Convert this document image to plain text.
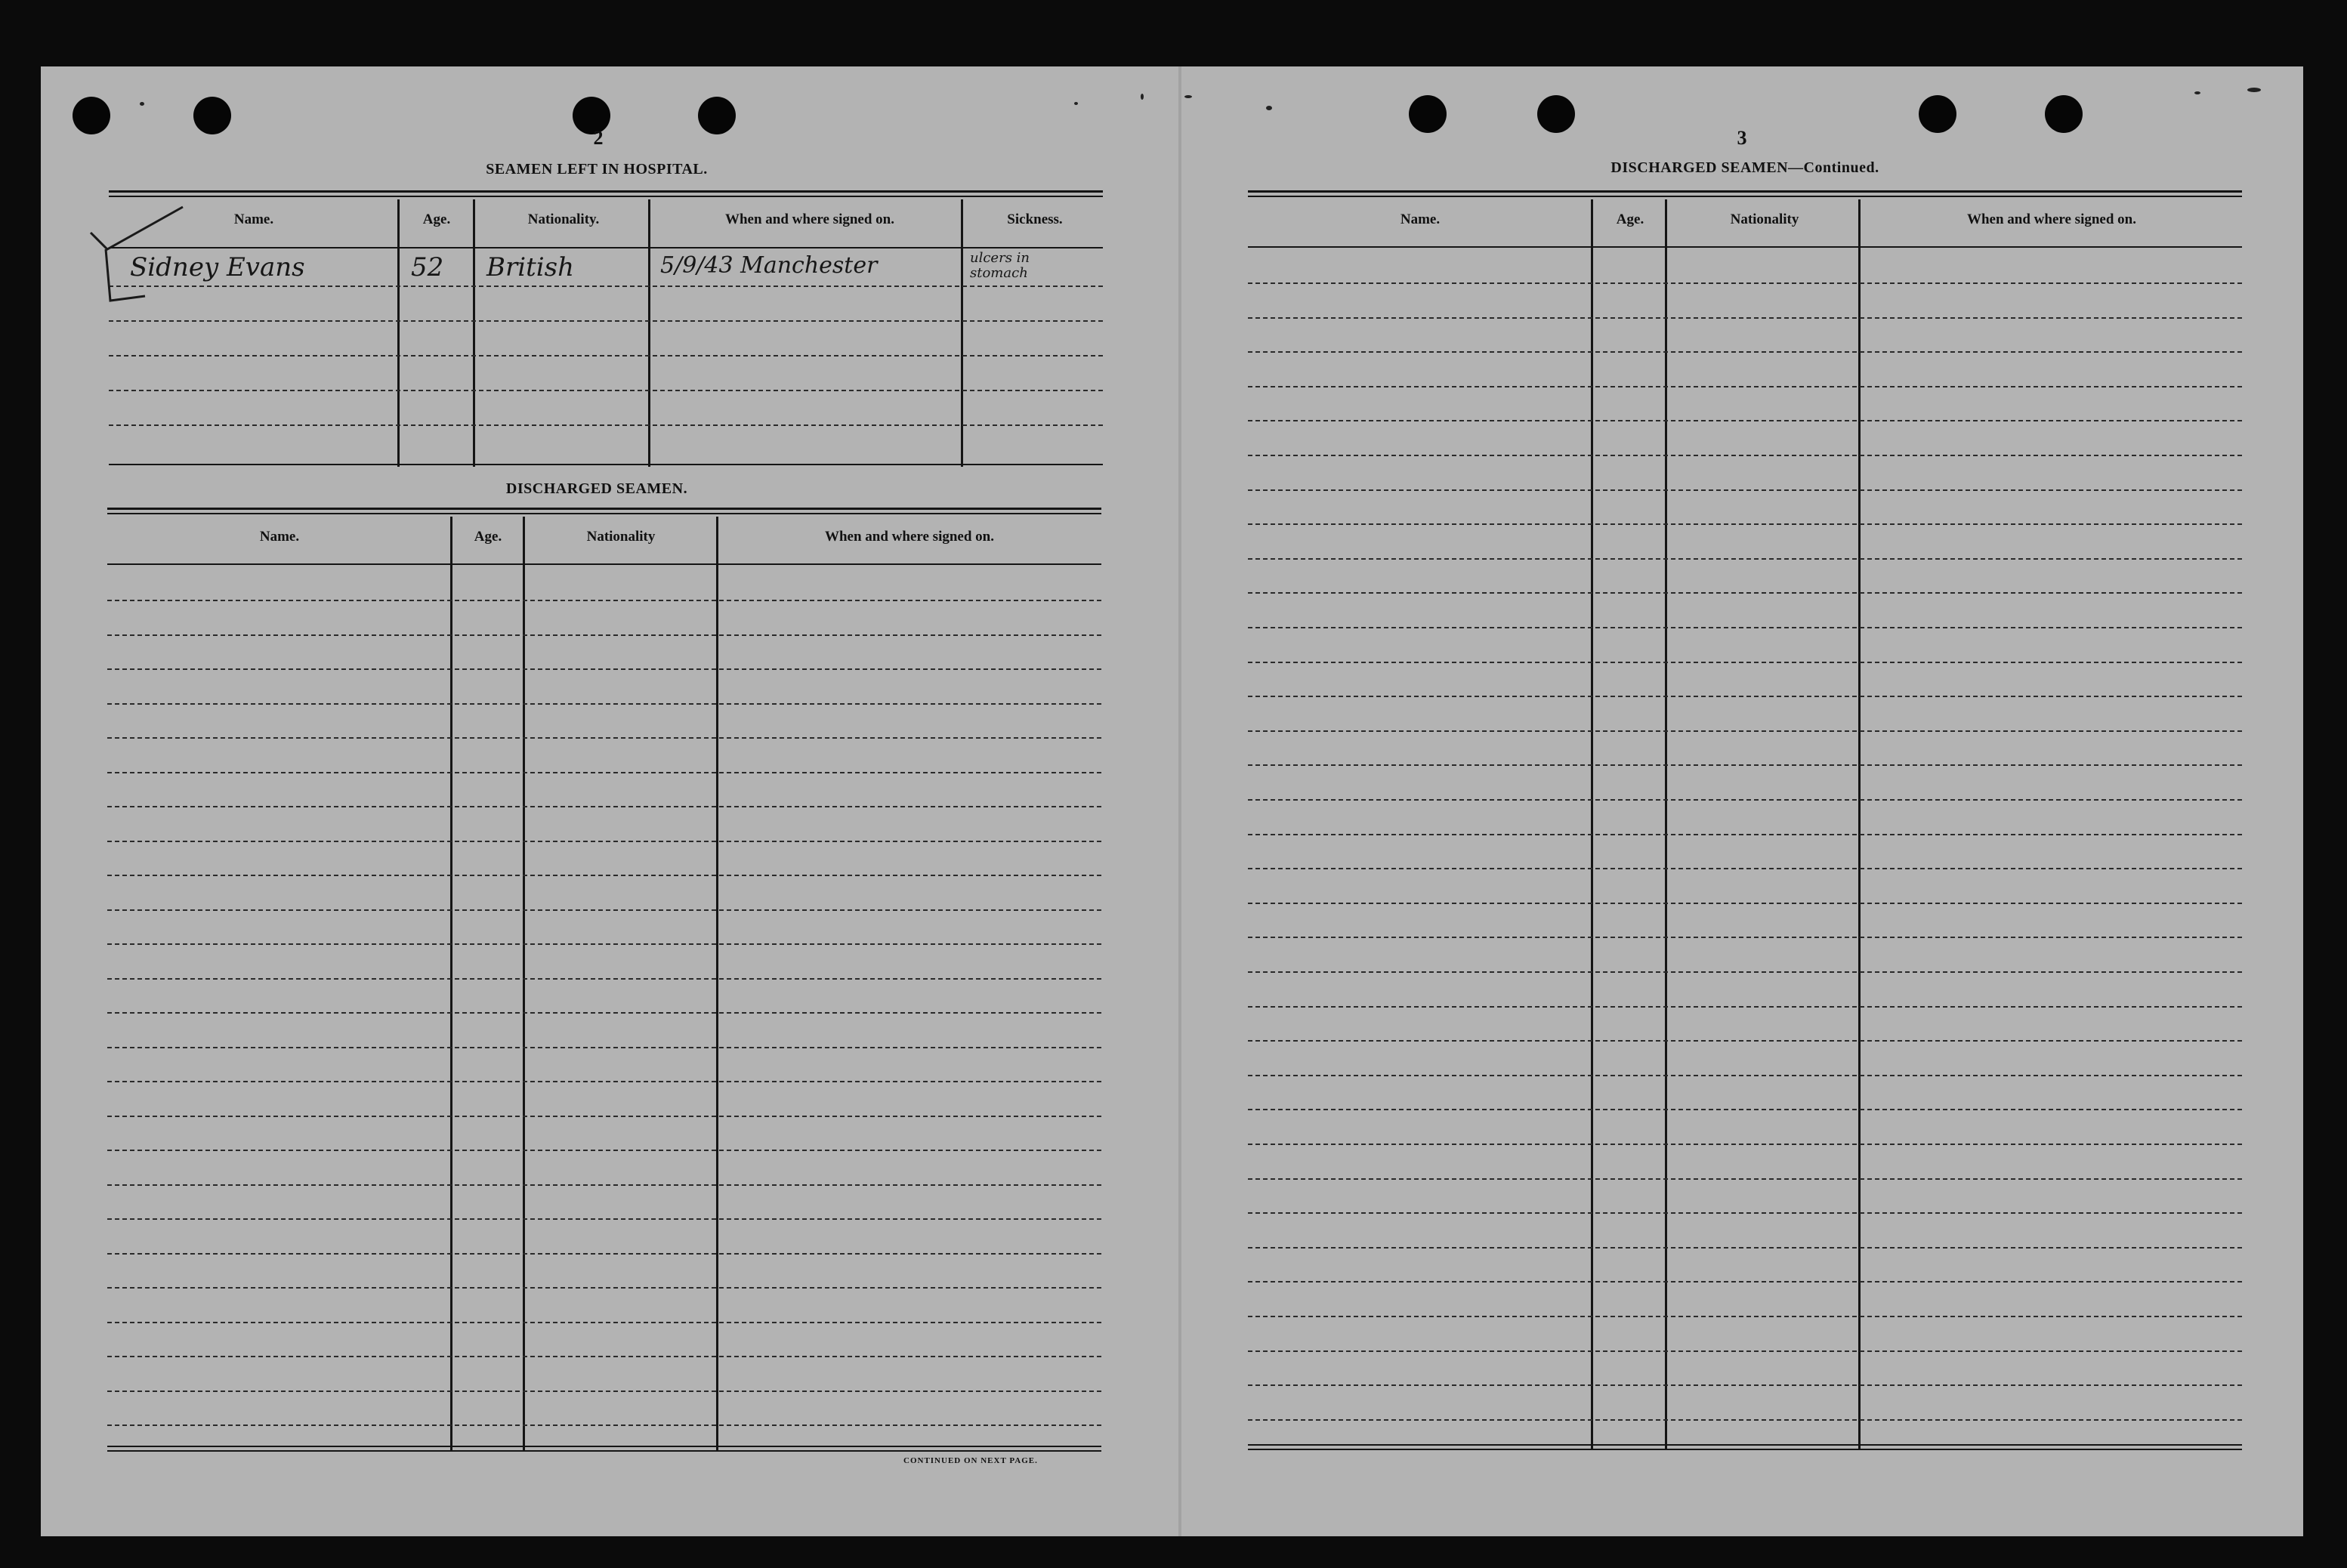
2
SEAMEN LEFT IN HOSPITAL.
Name.	Age.	Nationality.	When and where signed on.	Sickness.
Sidney Evans	52 British	5/9/43 Manchester	ulcers in stomach
DISCHARGED SEAMEN.
Name.	Age.	Nationality	When and where signed on.
CONTINUED ON NEXT PAGE.
3
DISCHARGED SEAMEN—Continued.
Name.	Age.	Nationality	When and where signed on.
